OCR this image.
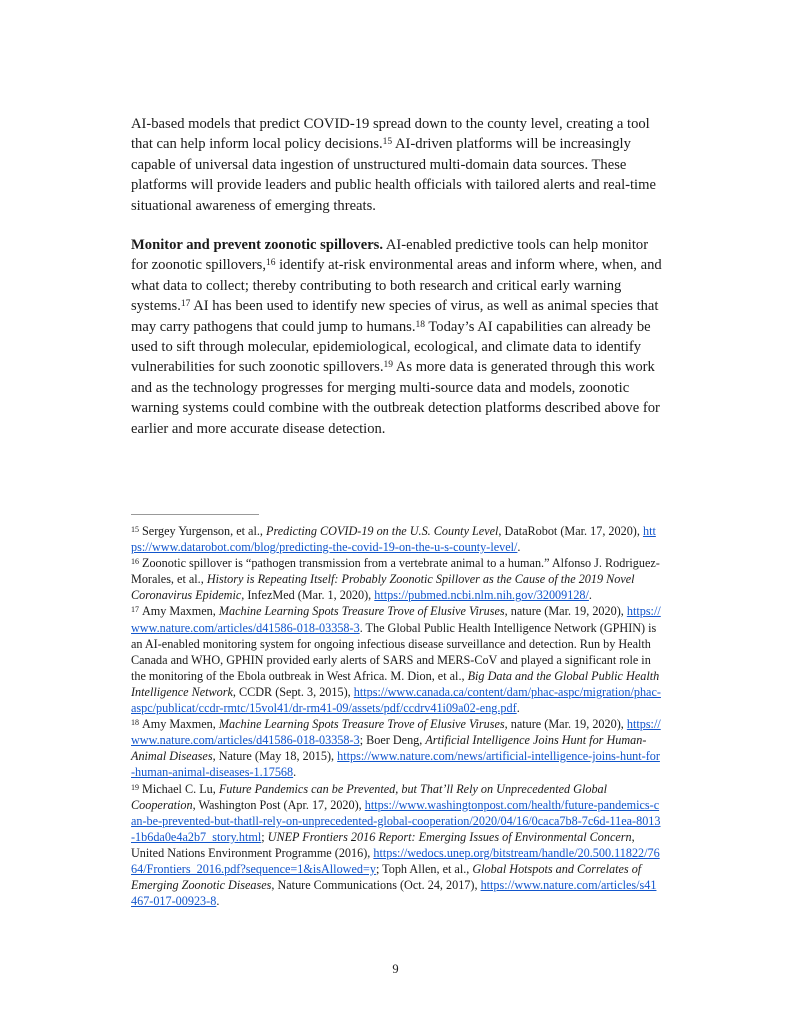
AI-based models that predict COVID-19 spread down to the county level, creating a tool that can help inform local policy decisions.$^{15}$ AI-driven platforms will be increasingly capable of universal data ingestion of unstructured multi-domain data sources. These platforms will provide leaders and public health officials with tailored alerts and real-time situational awareness of emerging threats.

Monitor and prevent zoonotic spillovers. AI-enabled predictive tools can help monitor for zoonotic spillovers,$^{16}$ identify at-risk environmental areas and inform where, when, and what data to collect; thereby contributing to both research and critical early warning systems.$^{17}$ AI has been used to identify new species of virus, as well as animal species that may carry pathogens that could jump to humans.$^{18}$ Today’s AI capabilities can already be used to sift through molecular, epidemiological, ecological, and climate data to identify vulnerabilities for such zoonotic spillovers.$^{19}$ As more data is generated through this work and as the technology progresses for merging multi-source data and models, zoonotic warning systems could combine with the outbreak detection platforms described above for earlier and more accurate disease detection.

$^{15}$ Sergey Yurgenson, et al., Predicting COVID-19 on the U.S. County Level, DataRobot (Mar. 17, 2020), https://www.datarobot.com/blog/predicting-the-covid-19-on-the-u-s-county-level/.

$^{16}$ Zoonotic spillover is “pathogen transmission from a vertebrate animal to a human.” Alfonso J. Rodriguez-Morales, et al., History is Repeating Itself: Probably Zoonotic Spillover as the Cause of the 2019 Novel Coronavirus Epidemic, InfezMed (Mar. 1, 2020), https://pubmed.ncbi.nlm.nih.gov/32009128/.

$^{17}$ Amy Maxmen, Machine Learning Spots Treasure Trove of Elusive Viruses, nature (Mar. 19, 2020), https://www.nature.com/articles/d41586-018-03358-3. The Global Public Health Intelligence Network (GPHIN) is an AI-enabled monitoring system for ongoing infectious disease surveillance and detection. Run by Health Canada and WHO, GPHIN provided early alerts of SARS and MERS-CoV and played a significant role in the monitoring of the Ebola outbreak in West Africa. M. Dion, et al., Big Data and the Global Public Health Intelligence Network, CCDR (Sept. 3, 2015), https://www.canada.ca/content/dam/phac-aspc/migration/phac-aspc/publicat/ccdr-rmtc/15vol41/dr-rm41-09/assets/pdf/ccdrv41i09a02-eng.pdf.

$^{18}$ Amy Maxmen, Machine Learning Spots Treasure Trove of Elusive Viruses, nature (Mar. 19, 2020), https://www.nature.com/articles/d41586-018-03358-3; Boer Deng, Artificial Intelligence Joins Hunt for Human-Animal Diseases, Nature (May 18, 2015), https://www.nature.com/news/artificial-intelligence-joins-hunt-for-human-animal-diseases-1.17568.

$^{19}$ Michael C. Lu, Future Pandemics can be Prevented, but That’ll Rely on Unprecedented Global Cooperation, Washington Post (Apr. 17, 2020), https://www.washingtonpost.com/health/future-pandemics-can-be-prevented-but-thatll-rely-on-unprecedented-global-cooperation/2020/04/16/0caca7b8-7c6d-11ea-8013-1b6da0e4a2b7_story.html; UNEP Frontiers 2016 Report: Emerging Issues of Environmental Concern, United Nations Environment Programme (2016), https://wedocs.unep.org/bitstream/handle/20.500.11822/7664/Frontiers_2016.pdf?sequence=1&isAllowed=y; Toph Allen, et al., Global Hotspots and Correlates of Emerging Zoonotic Diseases, Nature Communications (Oct. 24, 2017), https://www.nature.com/articles/s41467-017-00923-8.

9
